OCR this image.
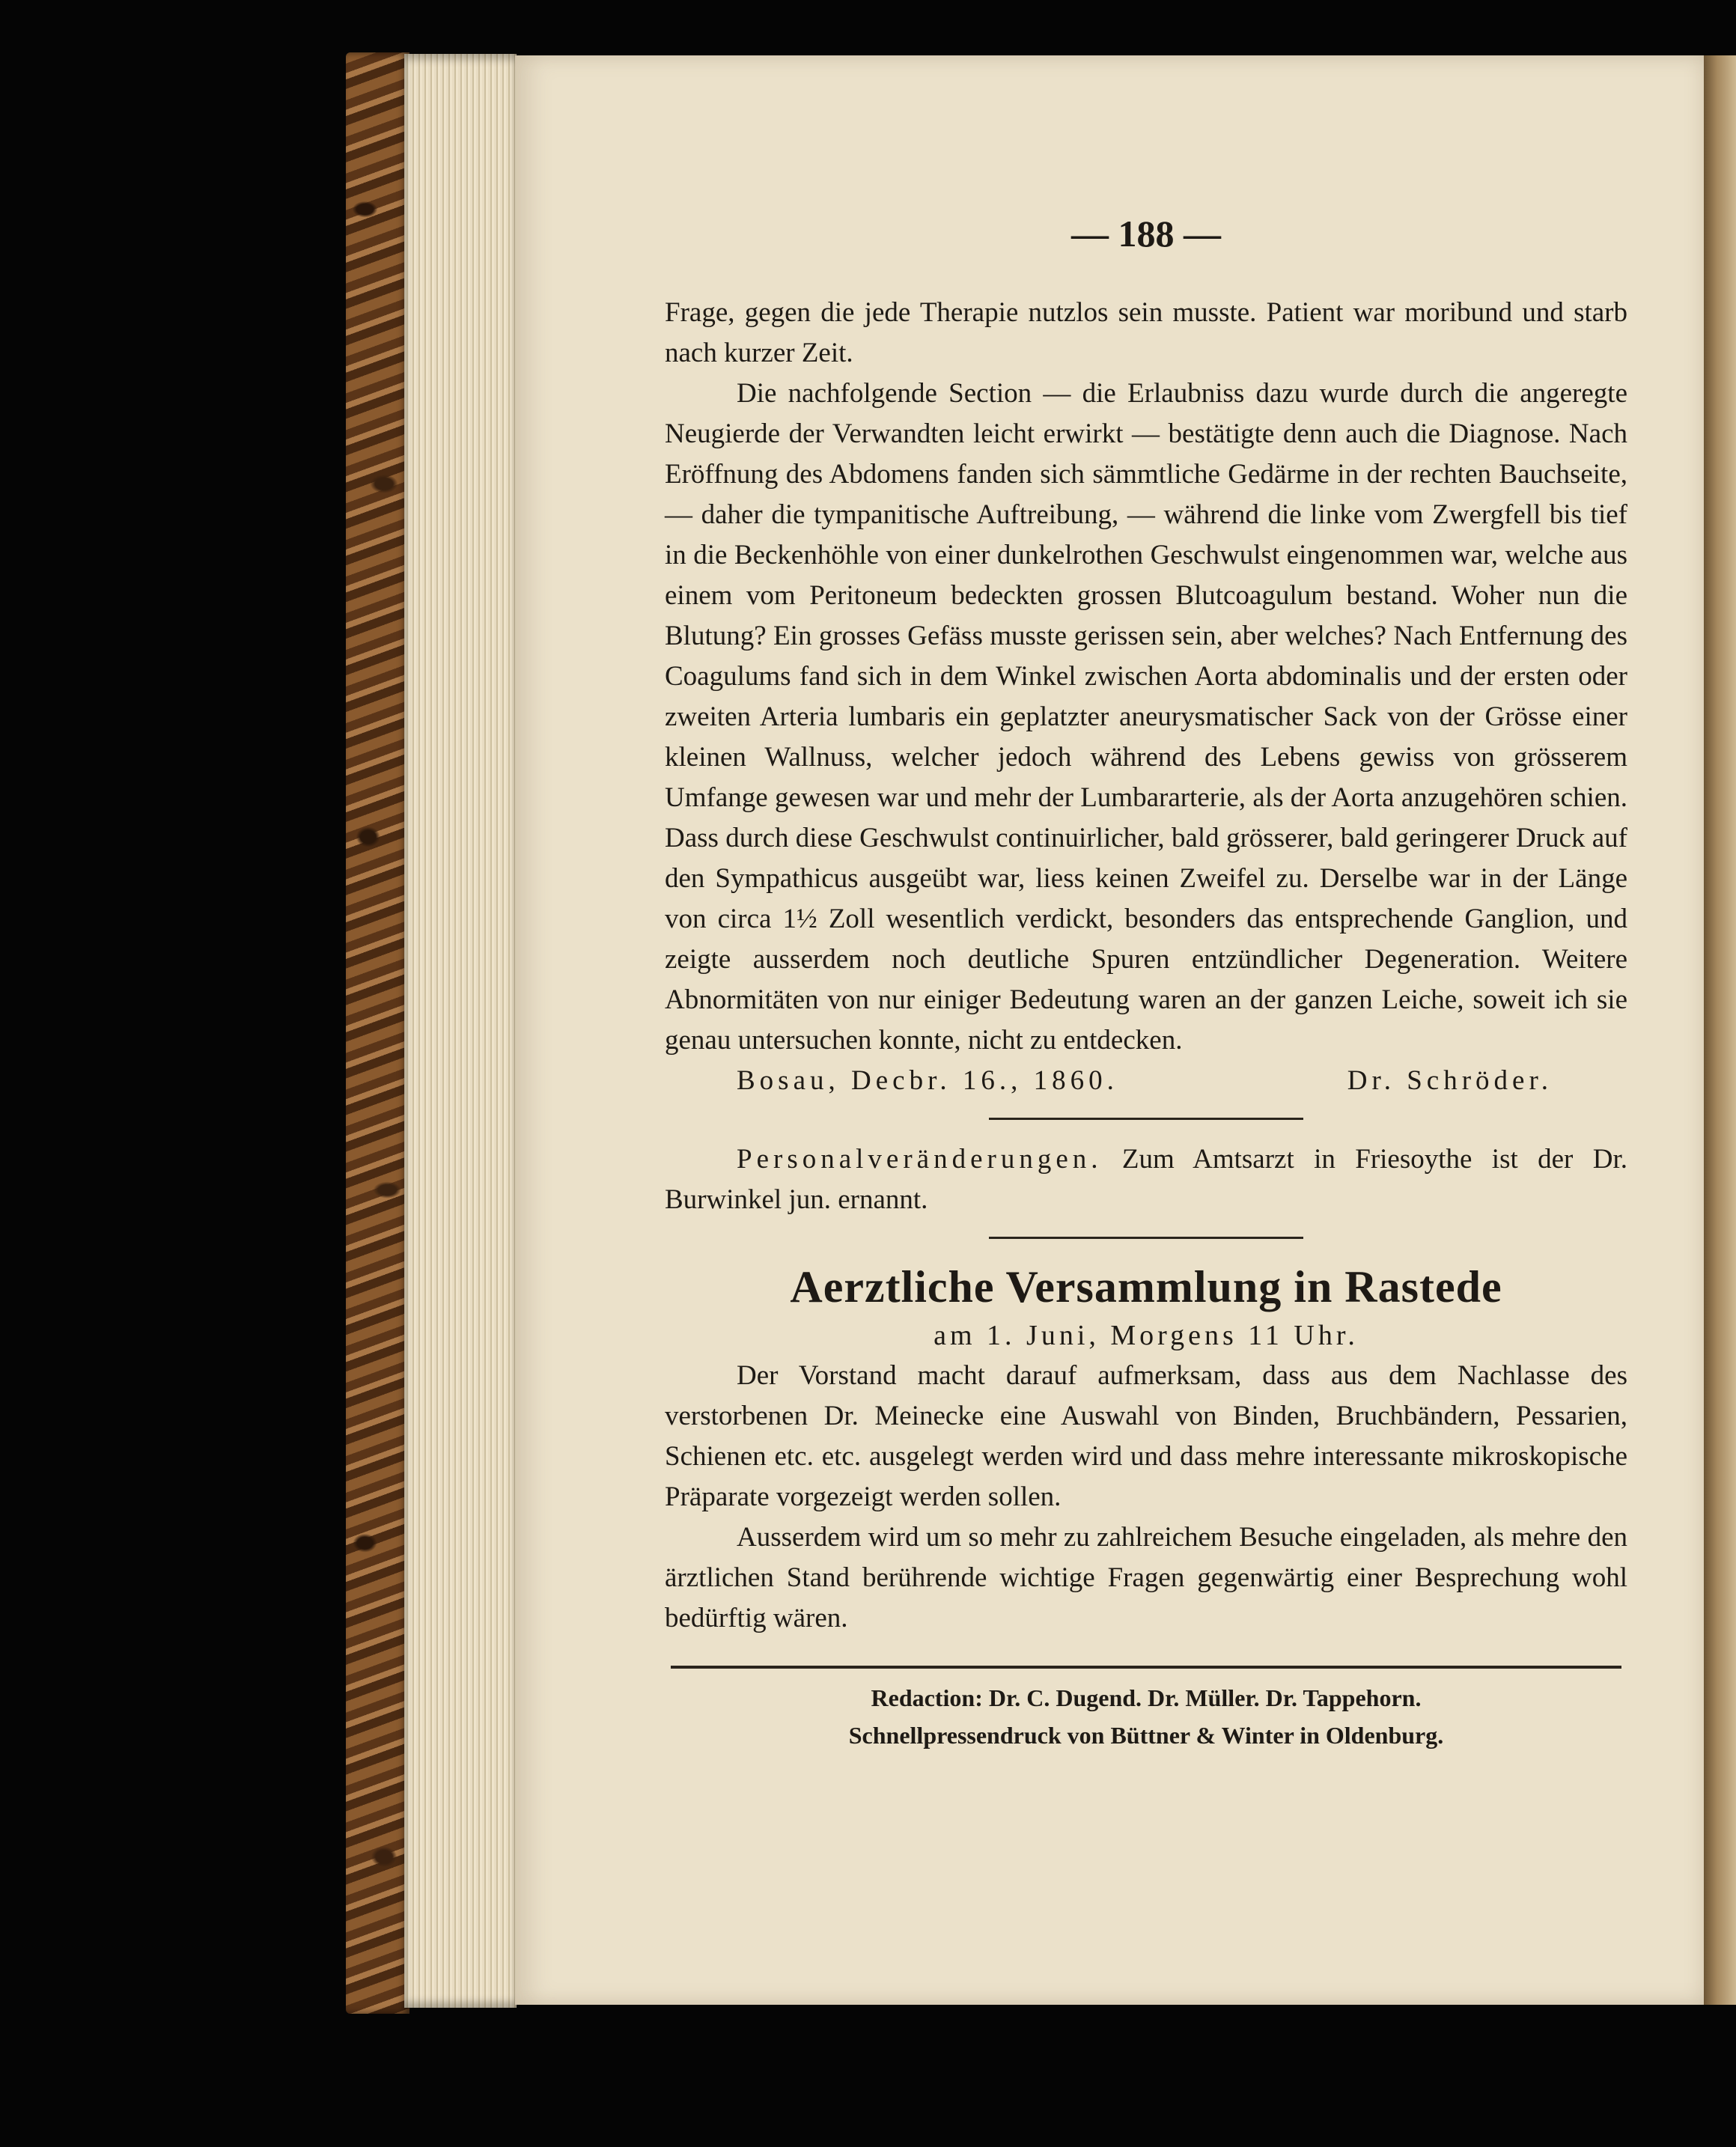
— 188 —

Frage, gegen die jede Therapie nutzlos sein musste. Patient war moribund und starb nach kurzer Zeit.

Die nachfolgende Section — die Erlaubniss dazu wurde durch die angeregte Neugierde der Verwandten leicht erwirkt — bestätigte denn auch die Diagnose. Nach Eröffnung des Abdomens fanden sich sämmtliche Gedärme in der rechten Bauchseite, — daher die tympanitische Auftreibung, — während die linke vom Zwergfell bis tief in die Beckenhöhle von einer dunkelrothen Geschwulst eingenommen war, welche aus einem vom Peritoneum bedeckten grossen Blutcoagulum bestand. Woher nun die Blutung? Ein grosses Gefäss musste gerissen sein, aber welches? Nach Entfernung des Coagulums fand sich in dem Winkel zwischen Aorta abdominalis und der ersten oder zweiten Arteria lumbaris ein geplatzter aneurysmatischer Sack von der Grösse einer kleinen Wallnuss, welcher jedoch während des Lebens gewiss von grösserem Umfange gewesen war und mehr der Lumbararterie, als der Aorta anzugehören schien. Dass durch diese Geschwulst continuirlicher, bald grösserer, bald geringerer Druck auf den Sympathicus ausgeübt war, liess keinen Zweifel zu. Derselbe war in der Länge von circa 1½ Zoll wesentlich verdickt, besonders das entsprechende Ganglion, und zeigte ausserdem noch deutliche Spuren entzündlicher Degeneration. Weitere Abnormitäten von nur einiger Bedeutung waren an der ganzen Leiche, soweit ich sie genau untersuchen konnte, nicht zu entdecken.

Bosau, Decbr. 16., 1860.	Dr. Schröder.

Personalveränderungen. Zum Amtsarzt in Friesoythe ist der Dr. Burwinkel jun. ernannt.

Aerztliche Versammlung in Rastede
am 1. Juni, Morgens 11 Uhr.

Der Vorstand macht darauf aufmerksam, dass aus dem Nachlasse des verstorbenen Dr. Meinecke eine Auswahl von Binden, Bruchbändern, Pessarien, Schienen etc. etc. ausgelegt werden wird und dass mehre interessante mikroskopische Präparate vorgezeigt werden sollen.

Ausserdem wird um so mehr zu zahlreichem Besuche eingeladen, als mehre den ärztlichen Stand berührende wichtige Fragen gegenwärtig einer Besprechung wohl bedürftig wären.

Redaction: Dr. C. Dugend. Dr. Müller. Dr. Tappehorn.
Schnellpressendruck von Büttner & Winter in Oldenburg.
